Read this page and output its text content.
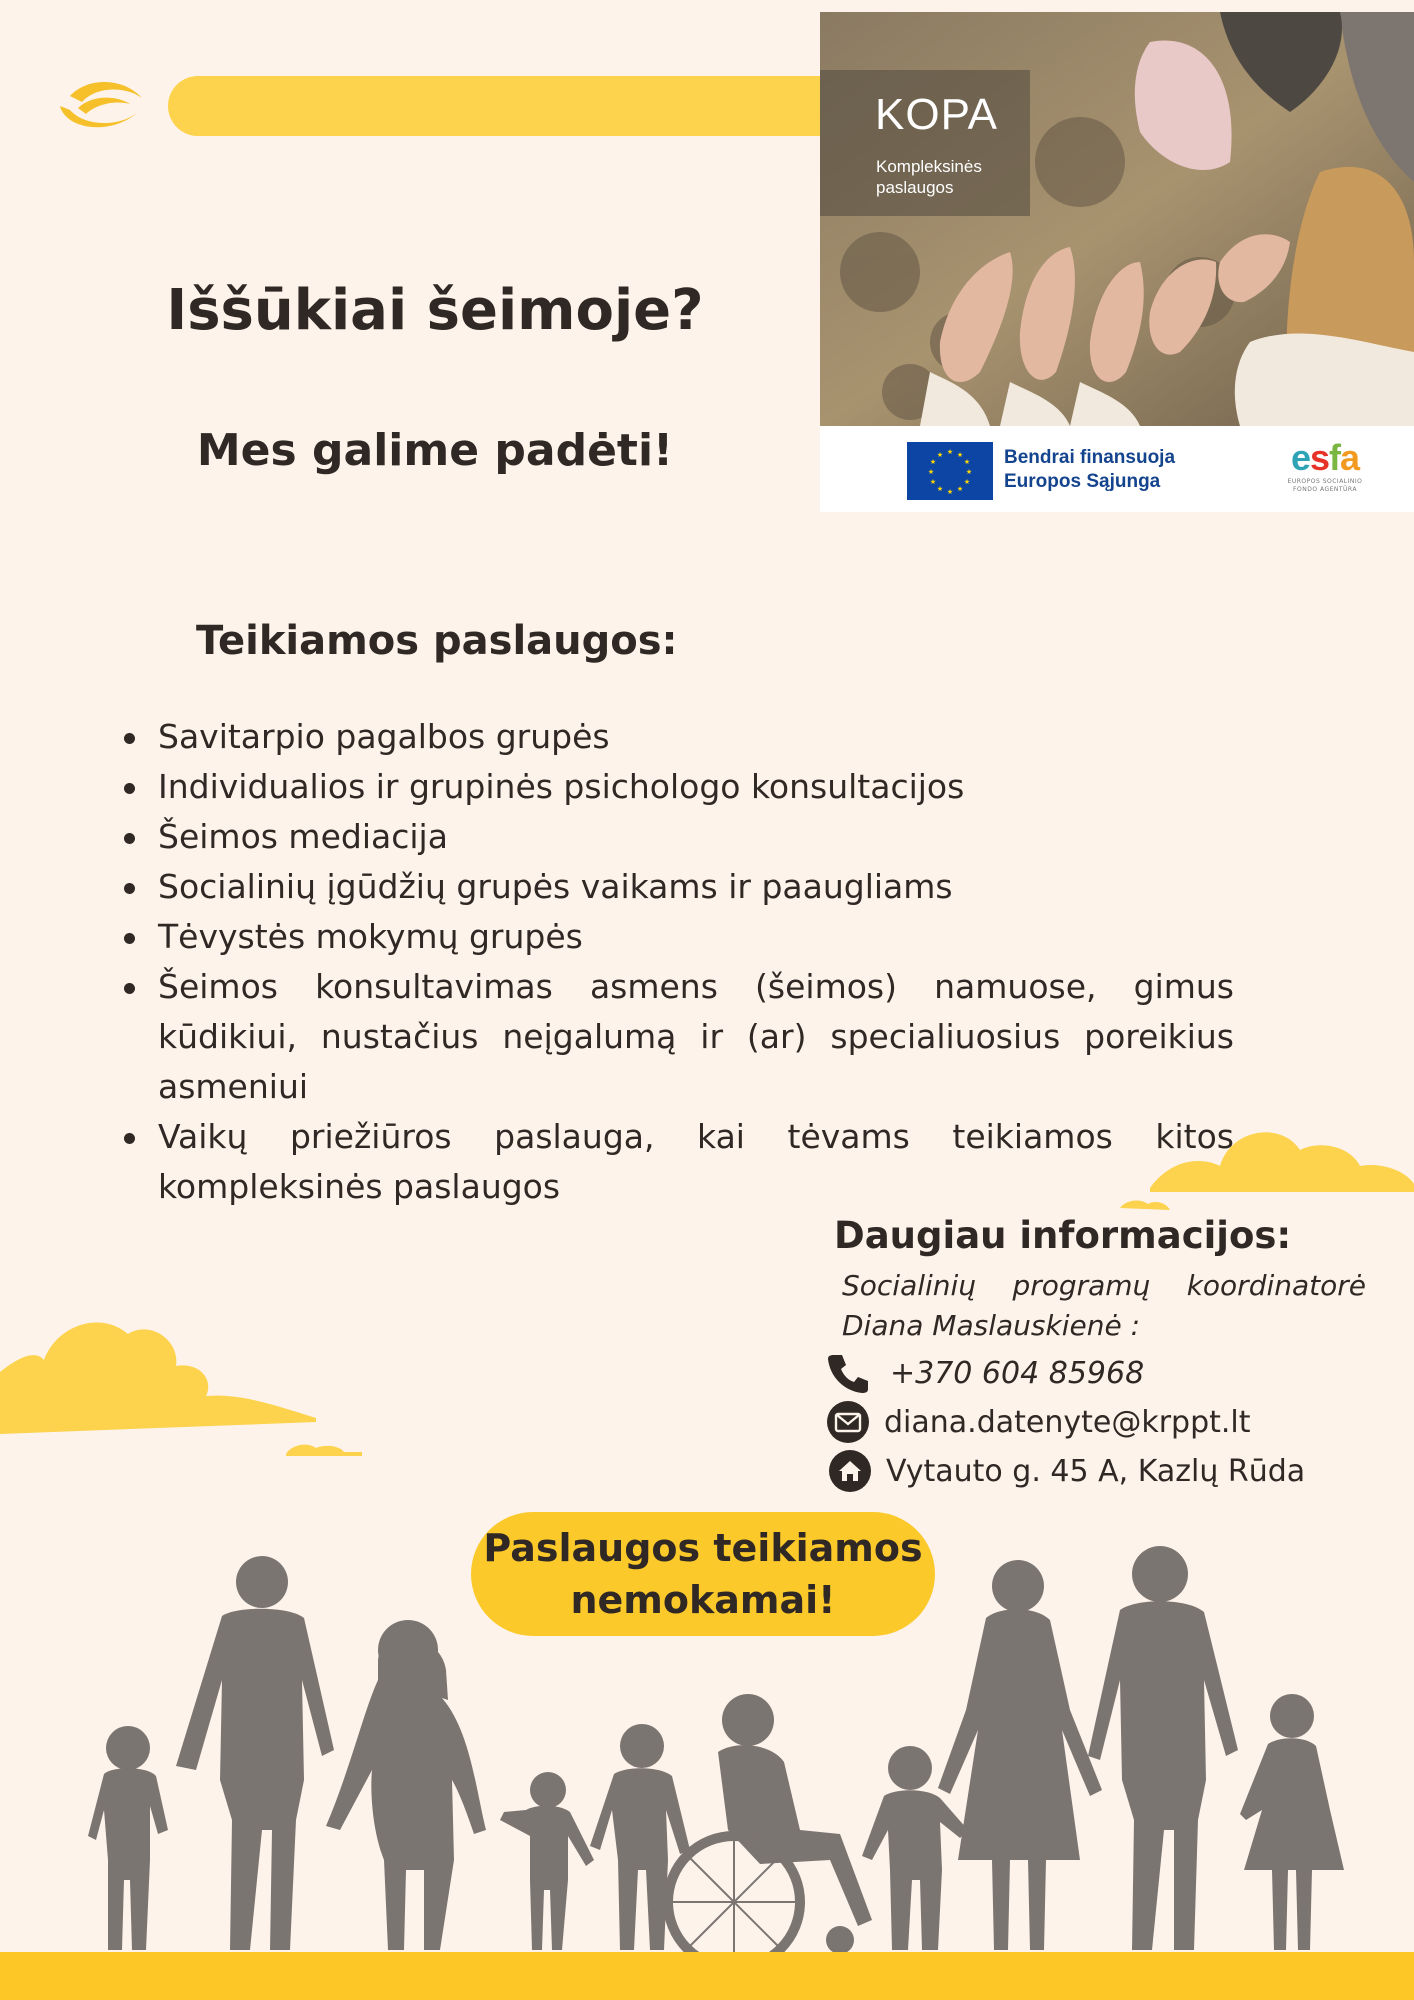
KOPA
Kompleksinės paslaugos
★ ★
★
★
★
★
★
★
★
★
★
★	Bendrai finansuoja
Europos Sąjunga
esfa
EUROPOS SOCIALINIO FONDO AGENTŪRA
Iššūkiai šeimoje?
Mes galime padėti!
Teikiamos paslaugos:
Savitarpio pagalbos grupės
Individualios ir grupinės psichologo konsultacijos
Šeimos mediacija
Socialinių įgūdžių grupės vaikams ir paaugliams
Tėvystės mokymų grupės
Šeimos konsultavimas asmens (šeimos) namuose, gimus kūdikiui, nustačius neįgalumą ir (ar) specialiuosius poreikius asmeniui
Vaikų priežiūros paslauga, kai tėvams teikiamos kitos kompleksinės paslaugos
Daugiau informacijos:
Socialinių programų koordinatorė Diana Maslauskienė :
+370 604 85968
diana.datenyte@krppt.lt
Vytauto g. 45 A, Kazlų Rūda
Paslaugos teikiamos
nemokamai!
